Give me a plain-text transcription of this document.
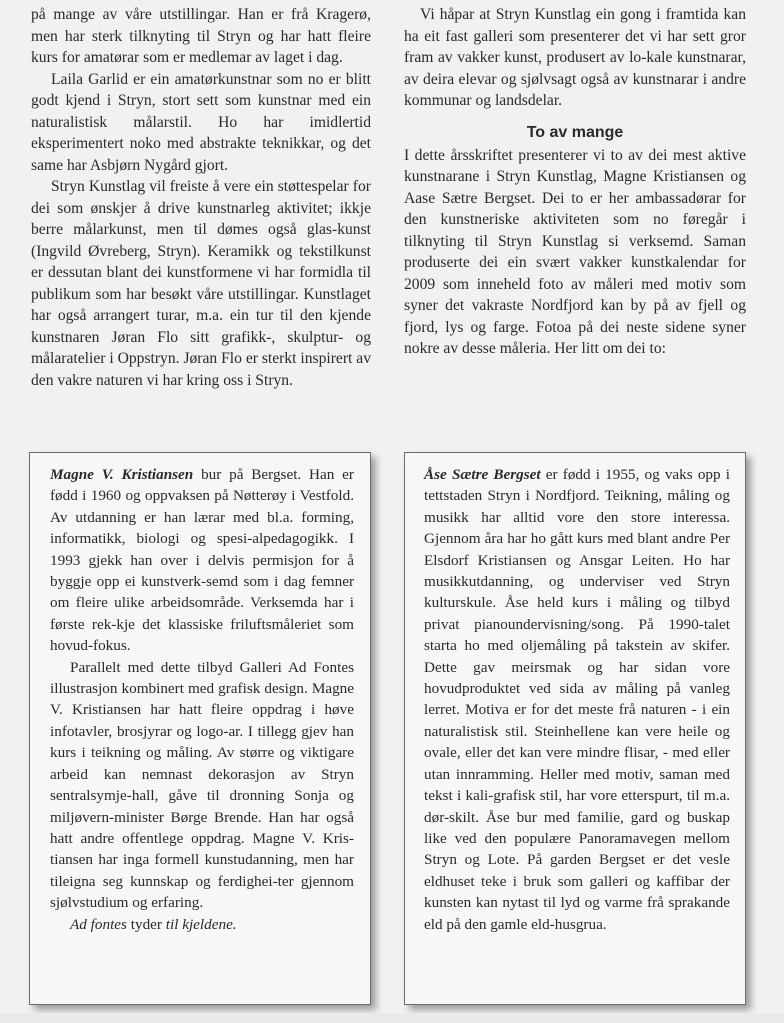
på mange av våre utstillingar. Han er frå Kragerø, men har sterk tilknyting til Stryn og har hatt fleire kurs for amatørar som er medlemar av laget i dag.

Laila Garlid er ein amatørkunstnar som no er blitt godt kjend i Stryn, stort sett som kunstnar med ein naturalistisk målarstil. Ho har imidlertid eksperimentert noko med abstrakte teknikkar, og det same har Asbjørn Nygård gjort.

Stryn Kunstlag vil freiste å vere ein støttespelar for dei som ønskjer å drive kunstnarleg aktivitet; ikkje berre målarkunst, men til dømes også glas-kunst (Ingvild Øvreberg, Stryn). Keramikk og tekstilkunst er dessutan blant dei kunstformene vi har formidla til publikum som har besøkt våre utstillingar. Kunstlaget har også arrangert turar, m.a. ein tur til den kjende kunstnaren Jøran Flo sitt grafikk-, skulptur- og målaratelier i Oppstryn. Jøran Flo er sterkt inspirert av den vakre naturen vi har kring oss i Stryn.

Vi håpar at Stryn Kunstlag ein gong i framtida kan ha eit fast galleri som presenterer det vi har sett gror fram av vakker kunst, produsert av lo-kale kunstnarar, av deira elevar og sjølvsagt også av kunstnarar i andre kommunar og landsdelar.

To av mange

I dette årsskriftet presenterer vi to av dei mest aktive kunstnarane i Stryn Kunstlag, Magne Kristiansen og Aase Sætre Bergset. Dei to er her ambassadørar for den kunstneriske aktiviteten som no føregår i tilknyting til Stryn Kunstlag si verksemd. Saman produserte dei ein svært vakker kunstkalendar for 2009 som inneheld foto av måleri med motiv som syner det vakraste Nordfjord kan by på av fjell og fjord, lys og farge. Fotoa på dei neste sidene syner nokre av desse måleria. Her litt om dei to:

Magne V. Kristiansen bur på Bergset. Han er fødd i 1960 og oppvaksen på Nøtterøy i Vestfold. Av utdanning er han lærar med bl.a. forming, informatikk, biologi og spesi-alpedagogikk. I 1993 gjekk han over i delvis permisjon for å byggje opp ei kunstverk-semd som i dag femner om fleire ulike arbeidsområde. Verksemda har i første rek-kje det klassiske friluftsmåleriet som hovud-fokus.

Parallelt med dette tilbyd Galleri Ad Fontes illustrasjon kombinert med grafisk design. Magne V. Kristiansen har hatt fleire oppdrag i høve infotavler, brosjyrar og logo-ar. I tillegg gjev han kurs i teikning og måling. Av større og viktigare arbeid kan nemnast dekorasjon av Stryn sentralsymje-hall, gåve til dronning Sonja og miljøvern-minister Børge Brende. Han har også hatt andre offentlege oppdrag. Magne V. Kris-tiansen har inga formell kunstudanning, men har tileigna seg kunnskap og ferdighei-ter gjennom sjølvstudium og erfaring.

Ad fontes tyder til kjeldene.

Åse Sætre Bergset er fødd i 1955, og vaks opp i tettstaden Stryn i Nordfjord. Teikning, måling og musikk har alltid vore den store interessa. Gjennom åra har ho gått kurs med blant andre Per Elsdorf Kristiansen og Ansgar Leiten. Ho har musikkutdanning, og underviser ved Stryn kulturskule. Åse held kurs i måling og tilbyd privat pianoundervisning/song. På 1990-talet starta ho med oljemåling på takstein av skifer. Dette gav meirsmak og har sidan vore hovudproduktet ved sida av måling på vanleg lerret. Motiva er for det meste frå naturen - i ein naturalistisk stil. Steinhellene kan vere heile og ovale, eller det kan vere mindre flisar, - med eller utan innramming. Heller med motiv, saman med tekst i kali-grafisk stil, har vore etterspurt, til m.a. dør-skilt. Åse bur med familie, gard og buskap like ved den populære Panoramavegen mellom Stryn og Lote. På garden Bergset er det vesle eldhuset teke i bruk som galleri og kaffibar der kunsten kan nytast til lyd og varme frå sprakande eld på den gamle eld-husgrua.
